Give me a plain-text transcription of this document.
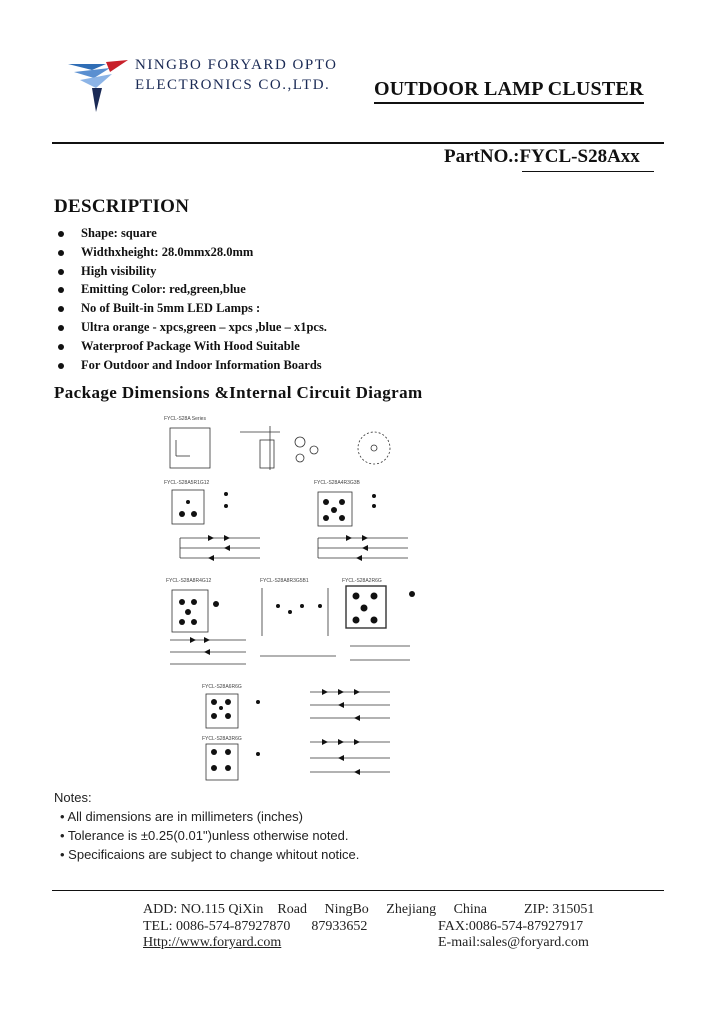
NINGBO FORYARD OPTO
ELECTRONICS CO.,LTD.	OUTDOOR LAMP CLUSTER
PartNO.:FYCL-S28Axx
DESCRIPTION
Shape: square
Widthxheight: 28.0mmx28.0mm
High visibility
Emitting Color: red,green,blue
No of Built-in 5mm LED Lamps :
Ultra orange - xpcs,green – xpcs ,blue – x1pcs.
Waterproof Package With Hood Suitable
For Outdoor and Indoor Information Boards
Package Dimensions &Internal Circuit Diagram
FYCL-S28A Series
FYCL-S28A5R1G12	FYCL-S28A4R3G3B
FYCL-S28A8R4G12	FYCL-S28A8R3G5B1	FYCL-S28A2R6G
FYCL-S28A6R6G
FYCL-S28A3R6G
Notes:
• All dimensions are in millimeters (inches)
• Tolerance is ±0.25(0.01")unless otherwise noted.
• Specificaions are subject to change whitout notice.
ADD: NO.115 QiXin    Road     NingBo     Zhejiang     China	ZIP: 315051
TEL: 0086-574-87927870      87933652	FAX:0086-574-87927917
Http://www.foryard.com	E-mail:sales@foryard.com
